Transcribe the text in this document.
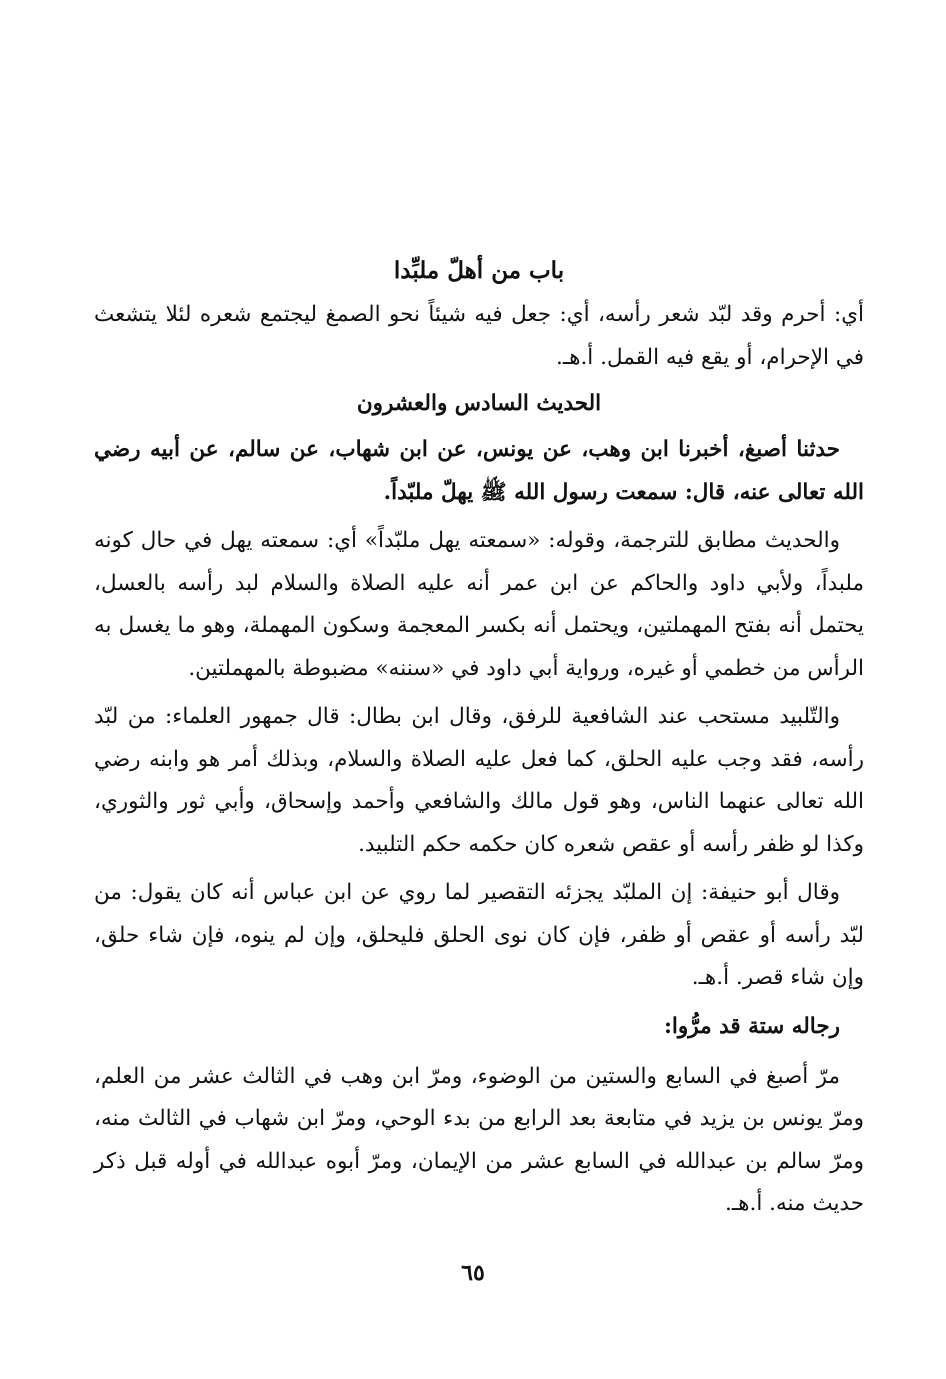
باب من أهلّ ملبِّدا

أي: أحرم وقد لبّد شعر رأسه، أي: جعل فيه شيئاً نحو الصمغ ليجتمع شعره لئلا يتشعث في الإحرام، أو يقع فيه القمل. أ.هـ.

الحديث السادس والعشرون

حدثنا أصبغ، أخبرنا ابن وهب، عن يونس، عن ابن شهاب، عن سالم، عن أبيه رضي الله تعالى عنه، قال: سمعت رسول الله ﷺ يهلّ ملبّداً.

والحديث مطابق للترجمة، وقوله: «سمعته يهل ملبّداً» أي: سمعته يهل في حال كونه ملبداً، ولأبي داود والحاكم عن ابن عمر أنه عليه الصلاة والسلام لبد رأسه بالعسل، يحتمل أنه بفتح المهملتين، ويحتمل أنه بكسر المعجمة وسكون المهملة، وهو ما يغسل به الرأس من خطمي أو غيره، ورواية أبي داود في «سننه» مضبوطة بالمهملتين.

والتّلبيد مستحب عند الشافعية للرفق، وقال ابن بطال: قال جمهور العلماء: من لبّد رأسه، فقد وجب عليه الحلق، كما فعل عليه الصلاة والسلام، وبذلك أمر هو وابنه رضي الله تعالى عنهما الناس، وهو قول مالك والشافعي وأحمد وإسحاق، وأبي ثور والثوري، وكذا لو ظفر رأسه أو عقص شعره كان حكمه حكم التلبيد.

وقال أبو حنيفة: إن الملبّد يجزئه التقصير لما روي عن ابن عباس أنه كان يقول: من لبّد رأسه أو عقص أو ظفر، فإن كان نوى الحلق فليحلق، وإن لم ينوه، فإن شاء حلق، وإن شاء قصر. أ.هـ.

رجاله ستة قد مرُّوا:

مرّ أصبغ في السابع والستين من الوضوء، ومرّ ابن وهب في الثالث عشر من العلم، ومرّ يونس بن يزيد في متابعة بعد الرابع من بدء الوحي، ومرّ ابن شهاب في الثالث منه، ومرّ سالم بن عبدالله في السابع عشر من الإيمان، ومرّ أبوه عبدالله في أوله قبل ذكر حديث منه. أ.هـ.

٦٥
